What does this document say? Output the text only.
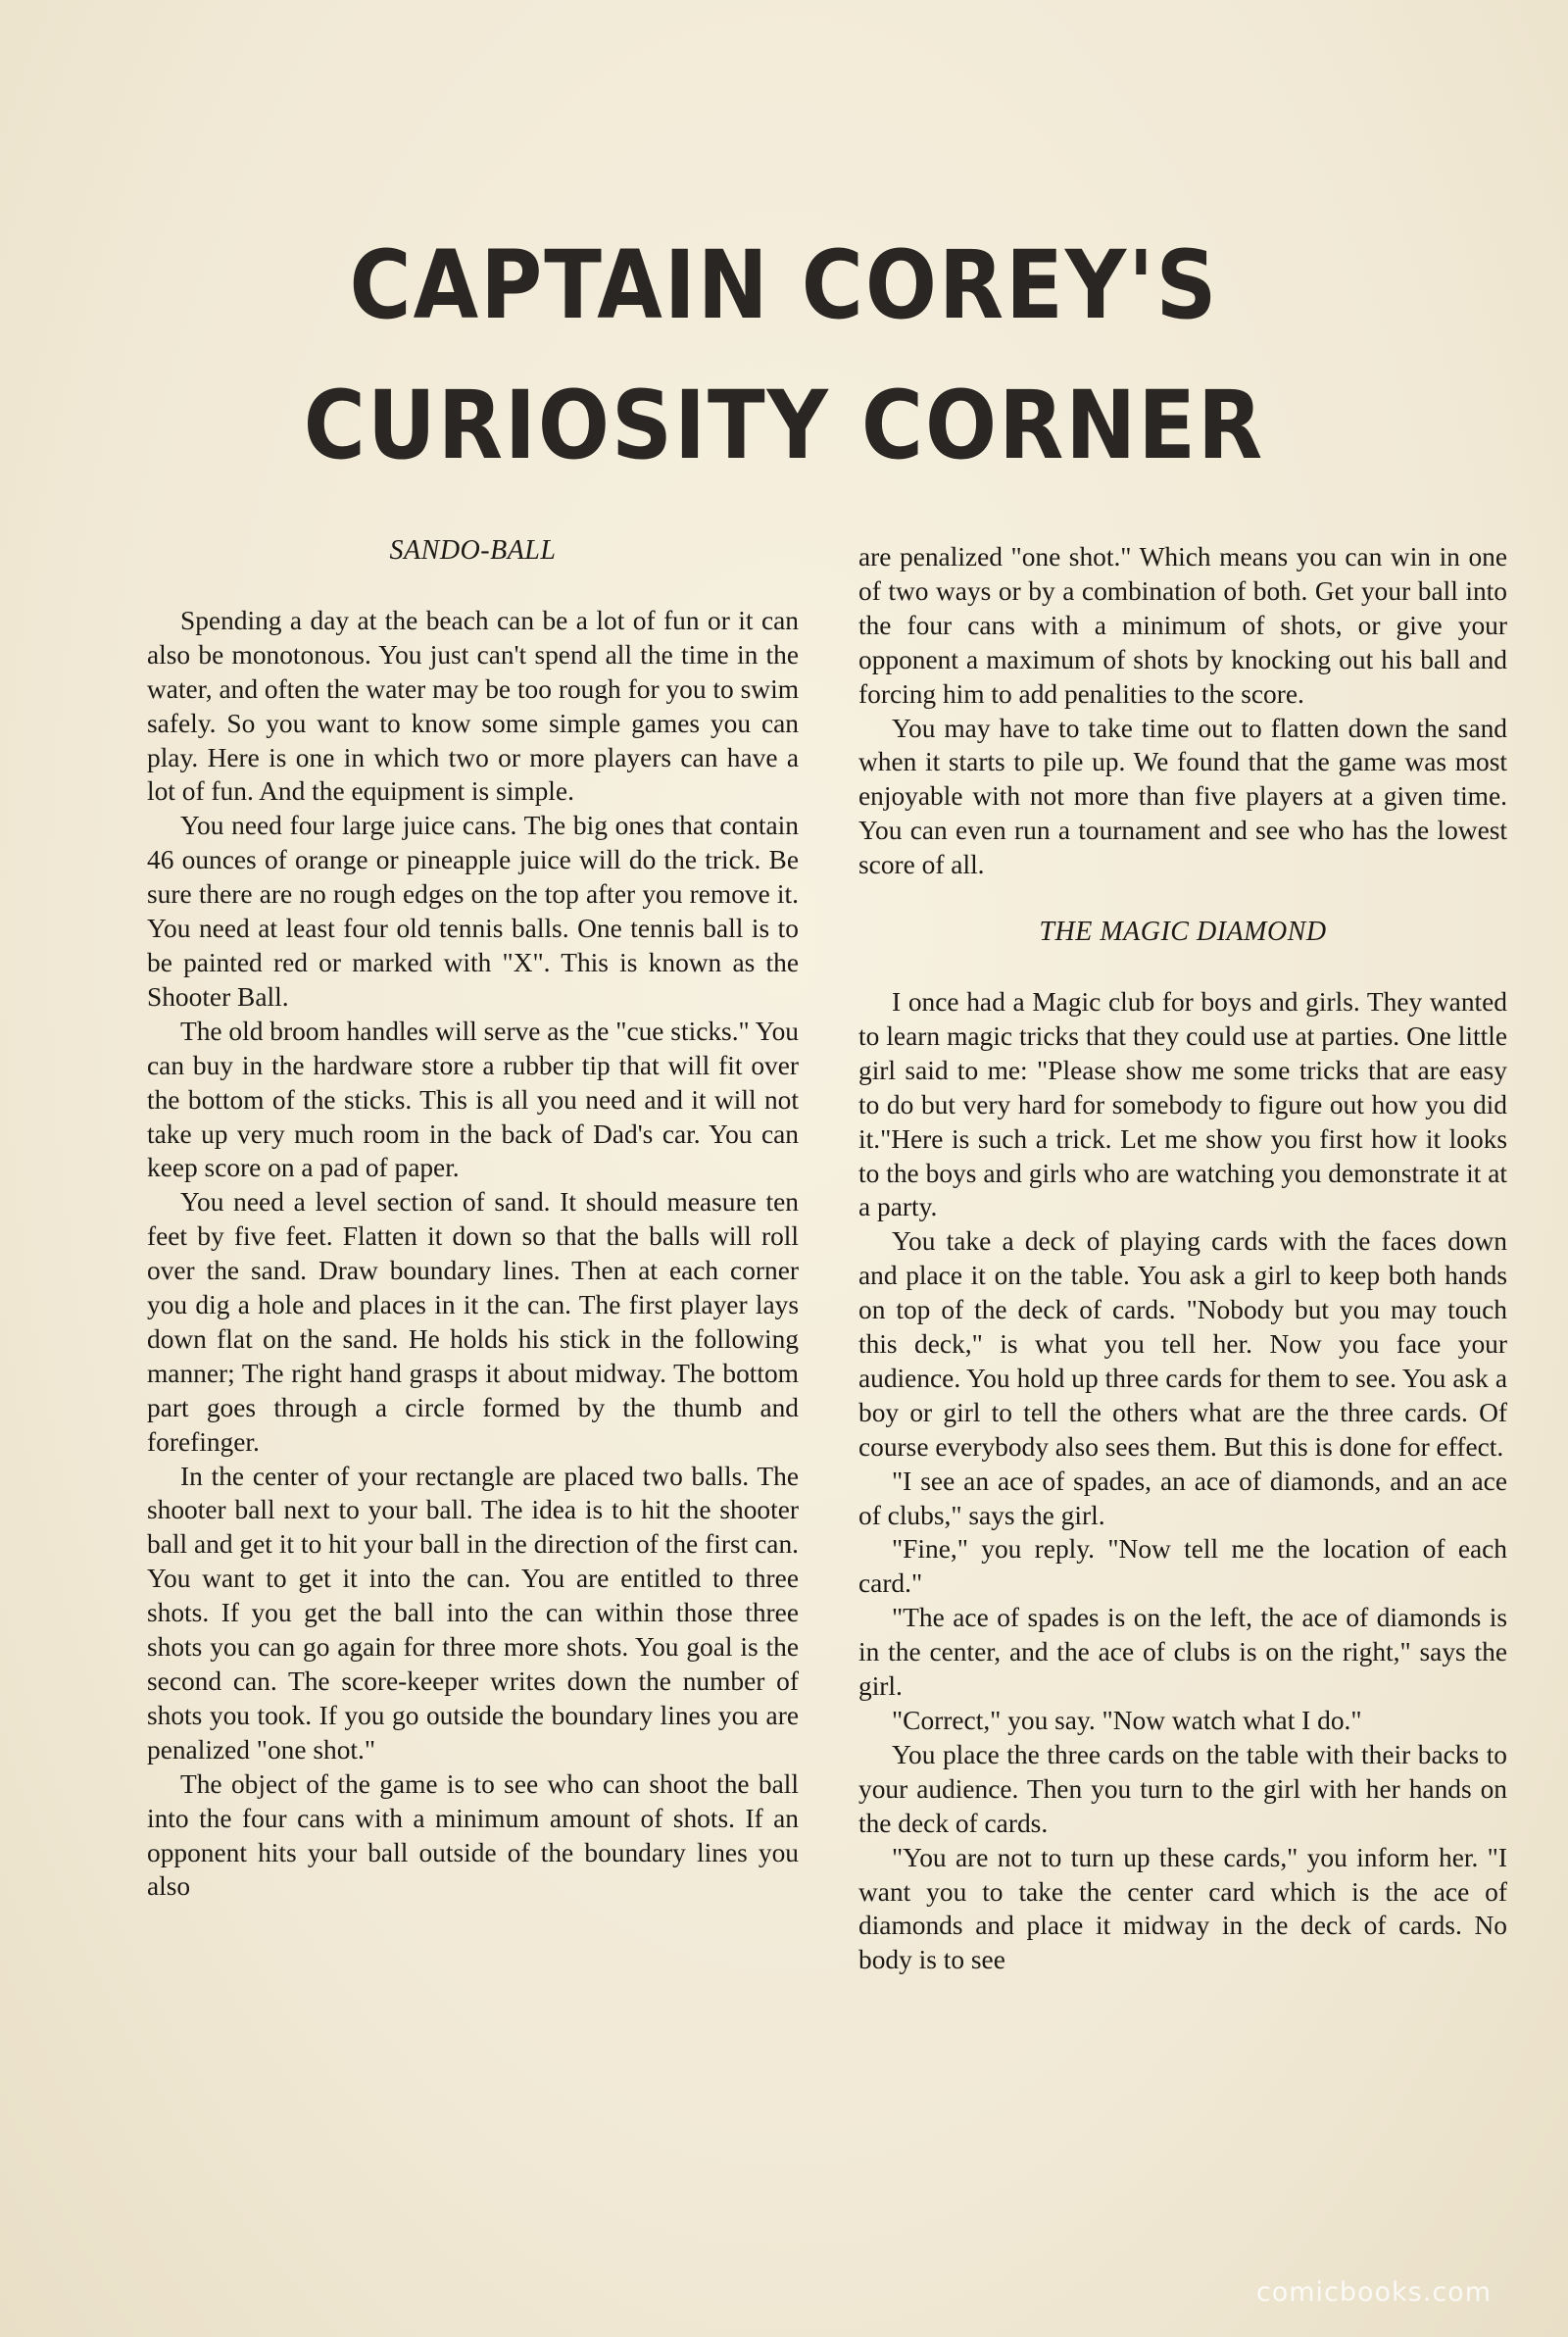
CAPTAIN COREY'S
CURIOSITY CORNER
SANDO-BALL

Spending a day at the beach can be a lot of fun or it can also be monotonous. You just can't spend all the time in the water, and often the water may be too rough for you to swim safely. So you want to know some simple games you can play. Here is one in which two or more players can have a lot of fun. And the equipment is simple.

You need four large juice cans. The big ones that contain 46 ounces of orange or pineapple juice will do the trick. Be sure there are no rough edges on the top after you remove it. You need at least four old tennis balls. One tennis ball is to be painted red or marked with "X". This is known as the Shooter Ball.

The old broom handles will serve as the "cue sticks." You can buy in the hardware store a rubber tip that will fit over the bottom of the sticks. This is all you need and it will not take up very much room in the back of Dad's car. You can keep score on a pad of paper.

You need a level section of sand. It should measure ten feet by five feet. Flatten it down so that the balls will roll over the sand. Draw boundary lines. Then at each corner you dig a hole and places in it the can. The first player lays down flat on the sand. He holds his stick in the following manner; The right hand grasps it about midway. The bottom part goes through a circle formed by the thumb and forefinger.

In the center of your rectangle are placed two balls. The shooter ball next to your ball. The idea is to hit the shooter ball and get it to hit your ball in the direction of the first can. You want to get it into the can. You are entitled to three shots. If you get the ball into the can within those three shots you can go again for three more shots. You goal is the second can. The score-keeper writes down the number of shots you took. If you go outside the boundary lines you are penalized "one shot."

The object of the game is to see who can shoot the ball into the four cans with a minimum amount of shots. If an opponent hits your ball outside of the boundary lines you also

are penalized "one shot." Which means you can win in one of two ways or by a combination of both. Get your ball into the four cans with a minimum of shots, or give your opponent a maximum of shots by knocking out his ball and forcing him to add penalities to the score.

You may have to take time out to flatten down the sand when it starts to pile up. We found that the game was most enjoyable with not more than five players at a given time. You can even run a tournament and see who has the lowest score of all.

THE MAGIC DIAMOND

I once had a Magic club for boys and girls. They wanted to learn magic tricks that they could use at parties. One little girl said to me: "Please show me some tricks that are easy to do but very hard for somebody to figure out how you did it."Here is such a trick. Let me show you first how it looks to the boys and girls who are watching you demonstrate it at a party.

You take a deck of playing cards with the faces down and place it on the table. You ask a girl to keep both hands on top of the deck of cards. "Nobody but you may touch this deck," is what you tell her. Now you face your audience. You hold up three cards for them to see. You ask a boy or girl to tell the others what are the three cards. Of course everybody also sees them. But this is done for effect.

"I see an ace of spades, an ace of diamonds, and an ace of clubs," says the girl.

"Fine," you reply. "Now tell me the location of each card."

"The ace of spades is on the left, the ace of diamonds is in the center, and the ace of clubs is on the right," says the girl.

"Correct," you say. "Now watch what I do."

You place the three cards on the table with their backs to your audience. Then you turn to the girl with her hands on the deck of cards.

"You are not to turn up these cards," you inform her. "I want you to take the center card which is the ace of diamonds and place it midway in the deck of cards. No body is to see

comicbooks.com
